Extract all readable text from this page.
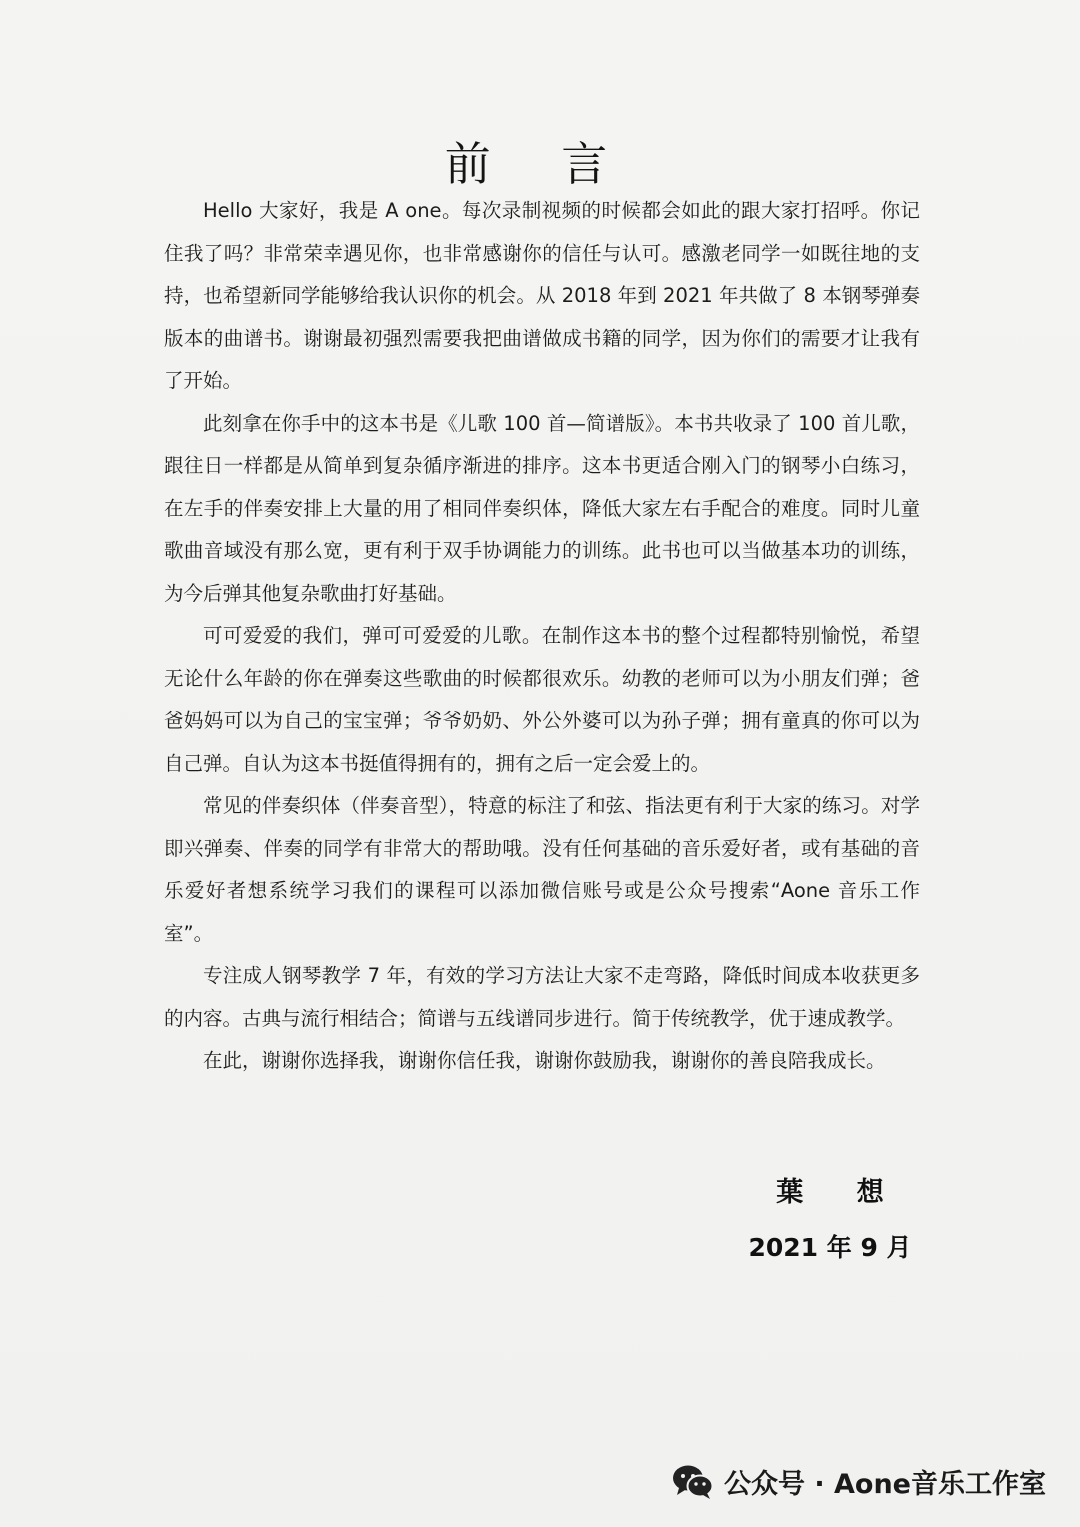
前 言

Hello 大家好，我是 A one。每次录制视频的时候都会如此的跟大家打招呼。你记住我了吗？非常荣幸遇见你，也非常感谢你的信任与认可。感激老同学一如既往地的支持，也希望新同学能够给我认识你的机会。从 2018 年到 2021 年共做了 8 本钢琴弹奏版本的曲谱书。谢谢最初强烈需要我把曲谱做成书籍的同学，因为你们的需要才让我有了开始。

此刻拿在你手中的这本书是《儿歌 100 首—简谱版》。本书共收录了 100 首儿歌，跟往日一样都是从简单到复杂循序渐进的排序。这本书更适合刚入门的钢琴小白练习，在左手的伴奏安排上大量的用了相同伴奏织体，降低大家左右手配合的难度。同时儿童歌曲音域没有那么宽，更有利于双手协调能力的训练。此书也可以当做基本功的训练，为今后弹其他复杂歌曲打好基础。

可可爱爱的我们，弹可可爱爱的儿歌。在制作这本书的整个过程都特别愉悦，希望无论什么年龄的你在弹奏这些歌曲的时候都很欢乐。幼教的老师可以为小朋友们弹；爸爸妈妈可以为自己的宝宝弹；爷爷奶奶、外公外婆可以为孙子弹；拥有童真的你可以为自己弹。自认为这本书挺值得拥有的，拥有之后一定会爱上的。

常见的伴奏织体（伴奏音型），特意的标注了和弦、指法更有利于大家的练习。对学即兴弹奏、伴奏的同学有非常大的帮助哦。没有任何基础的音乐爱好者，或有基础的音乐爱好者想系统学习我们的课程可以添加微信账号或是公众号搜索“Aone 音乐工作室”。

专注成人钢琴教学 7 年，有效的学习方法让大家不走弯路，降低时间成本收获更多的内容。古典与流行相结合；简谱与五线谱同步进行。简于传统教学，优于速成教学。

在此，谢谢你选择我，谢谢你信任我，谢谢你鼓励我，谢谢你的善良陪我成长。

葉 想
2021 年 9 月
公众号 · Aone音乐工作室
